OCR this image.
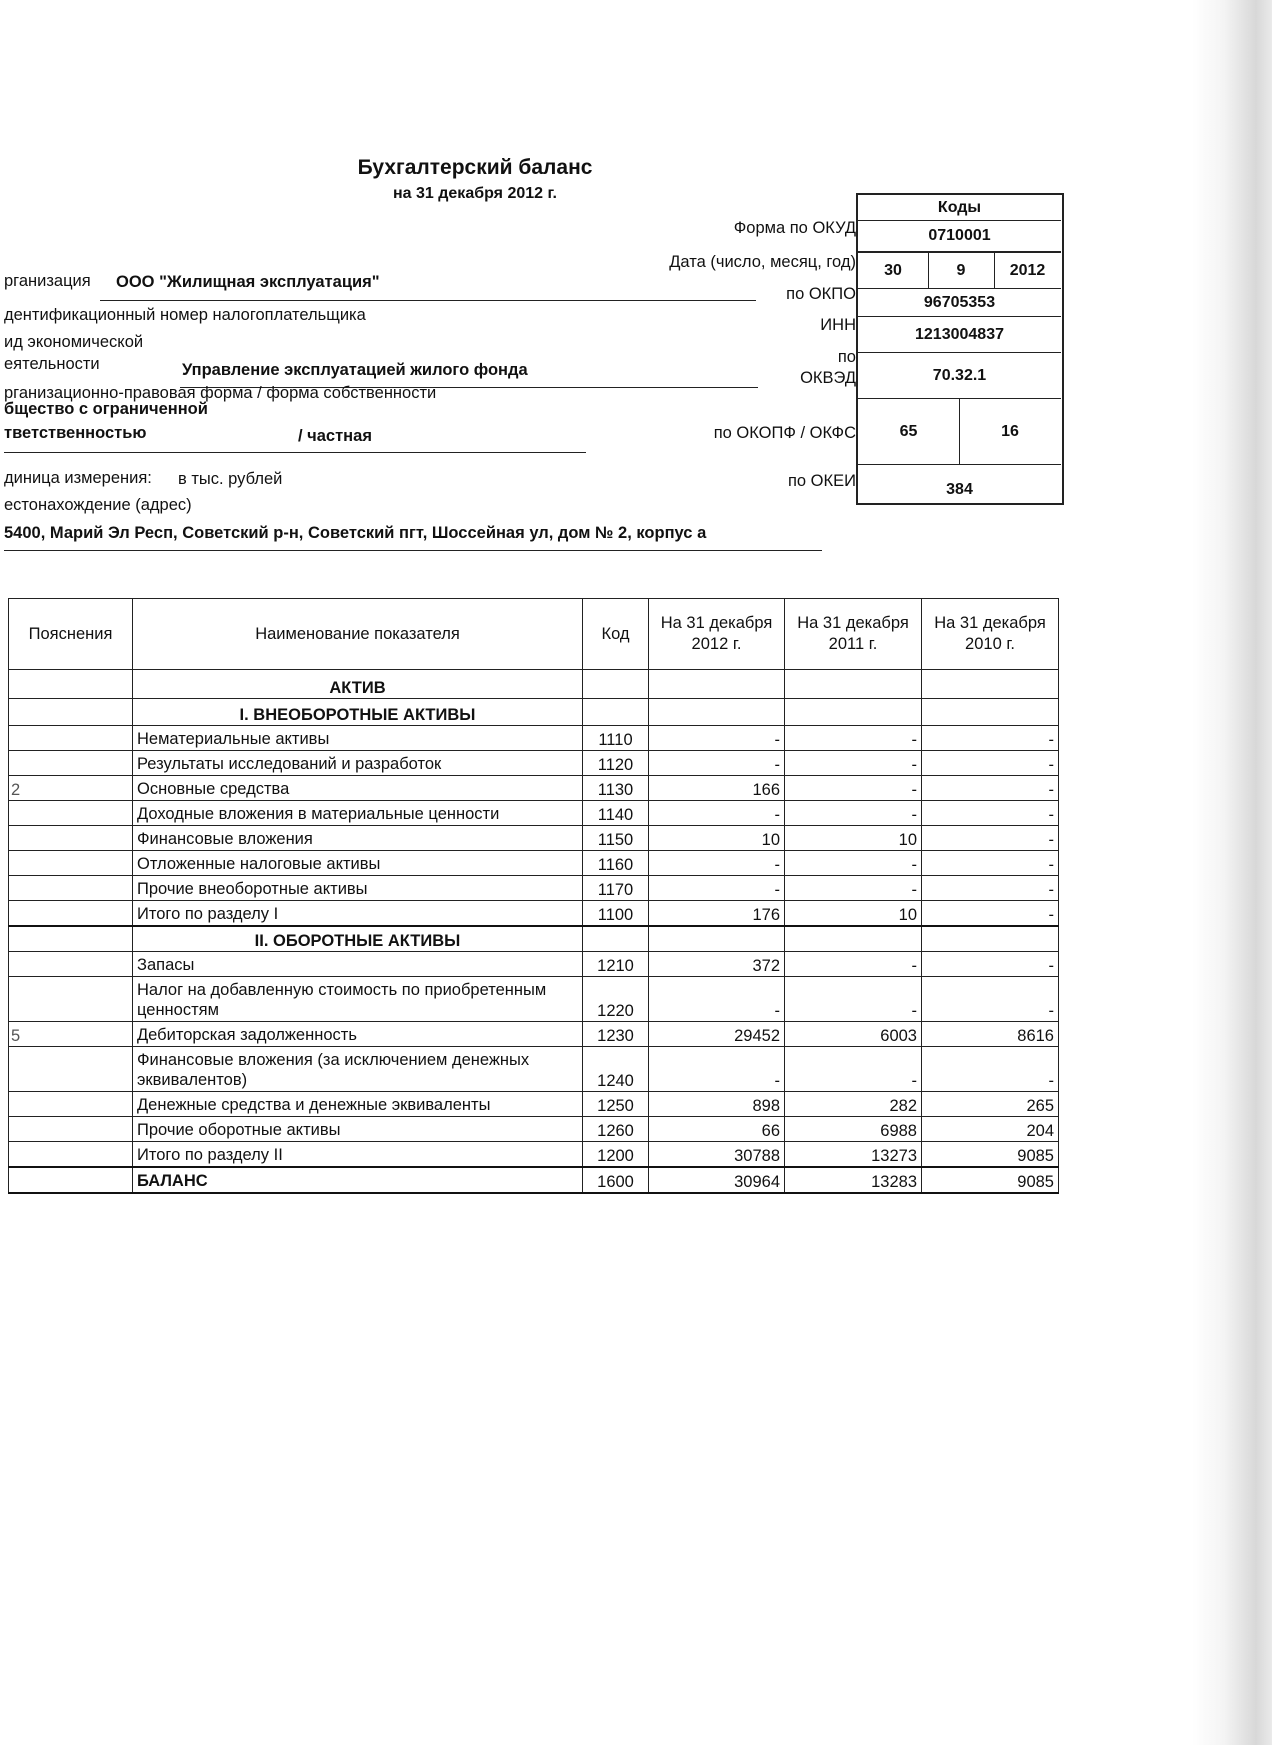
Бухгалтерский баланс
на 31 декабря 2012 г.
Форма по ОКУД
Дата (число, месяц, год)
по ОКПО
ИНН
по
ОКВЭД
по ОКОПФ / ОКФС
по ОКЕИ
Коды
0710001
30	9	2012
96705353
1213004837
70.32.1
65	16
384
рганизация ООО "Жилищная эксплуатация"
дентификационный номер налогоплательщика
ид экономической
еятельности	Управление эксплуатацией жилого фонда
рганизационно-правовая форма / форма собственности
бщество с ограниченной
тветственностью	/ частная
диница измерения: в тыс. рублей
естонахождение (адрес)
5400, Марий Эл Респ, Советский р-н, Советский пгт, Шоссейная ул, дом № 2, корпус а
Пояснения	Наименование показателя	Код	На 31 декабря 2012 г.	На 31 декабря 2011 г.	На 31 декабря 2010 г.
	АКТИВ				
	I. ВНЕОБОРОТНЫЕ АКТИВЫ				
	Нематериальные активы	1110	-	-	-
	Результаты исследований и разработок	1120	-	-	-
2	Основные средства	1130	166	-	-
	Доходные вложения в материальные ценности	1140	-	-	-
	Финансовые вложения	1150	10	10	-
	Отложенные налоговые активы	1160	-	-	-
	Прочие внеоборотные активы	1170	-	-	-
	Итого по разделу I	1100	176	10	-
	II. ОБОРОТНЫЕ АКТИВЫ				
	Запасы	1210	372	-	-
	Налог на добавленную стоимость по приобретенным ценностям	1220	-	-	-
5	Дебиторская задолженность	1230	29452	6003	8616
	Финансовые вложения (за исключением денежных эквивалентов)	1240	-	-	-
	Денежные средства и денежные эквиваленты	1250	898	282	265
	Прочие оборотные активы	1260	66	6988	204
	Итого по разделу II	1200	30788	13273	9085
	БАЛАНС	1600	30964	13283	9085
